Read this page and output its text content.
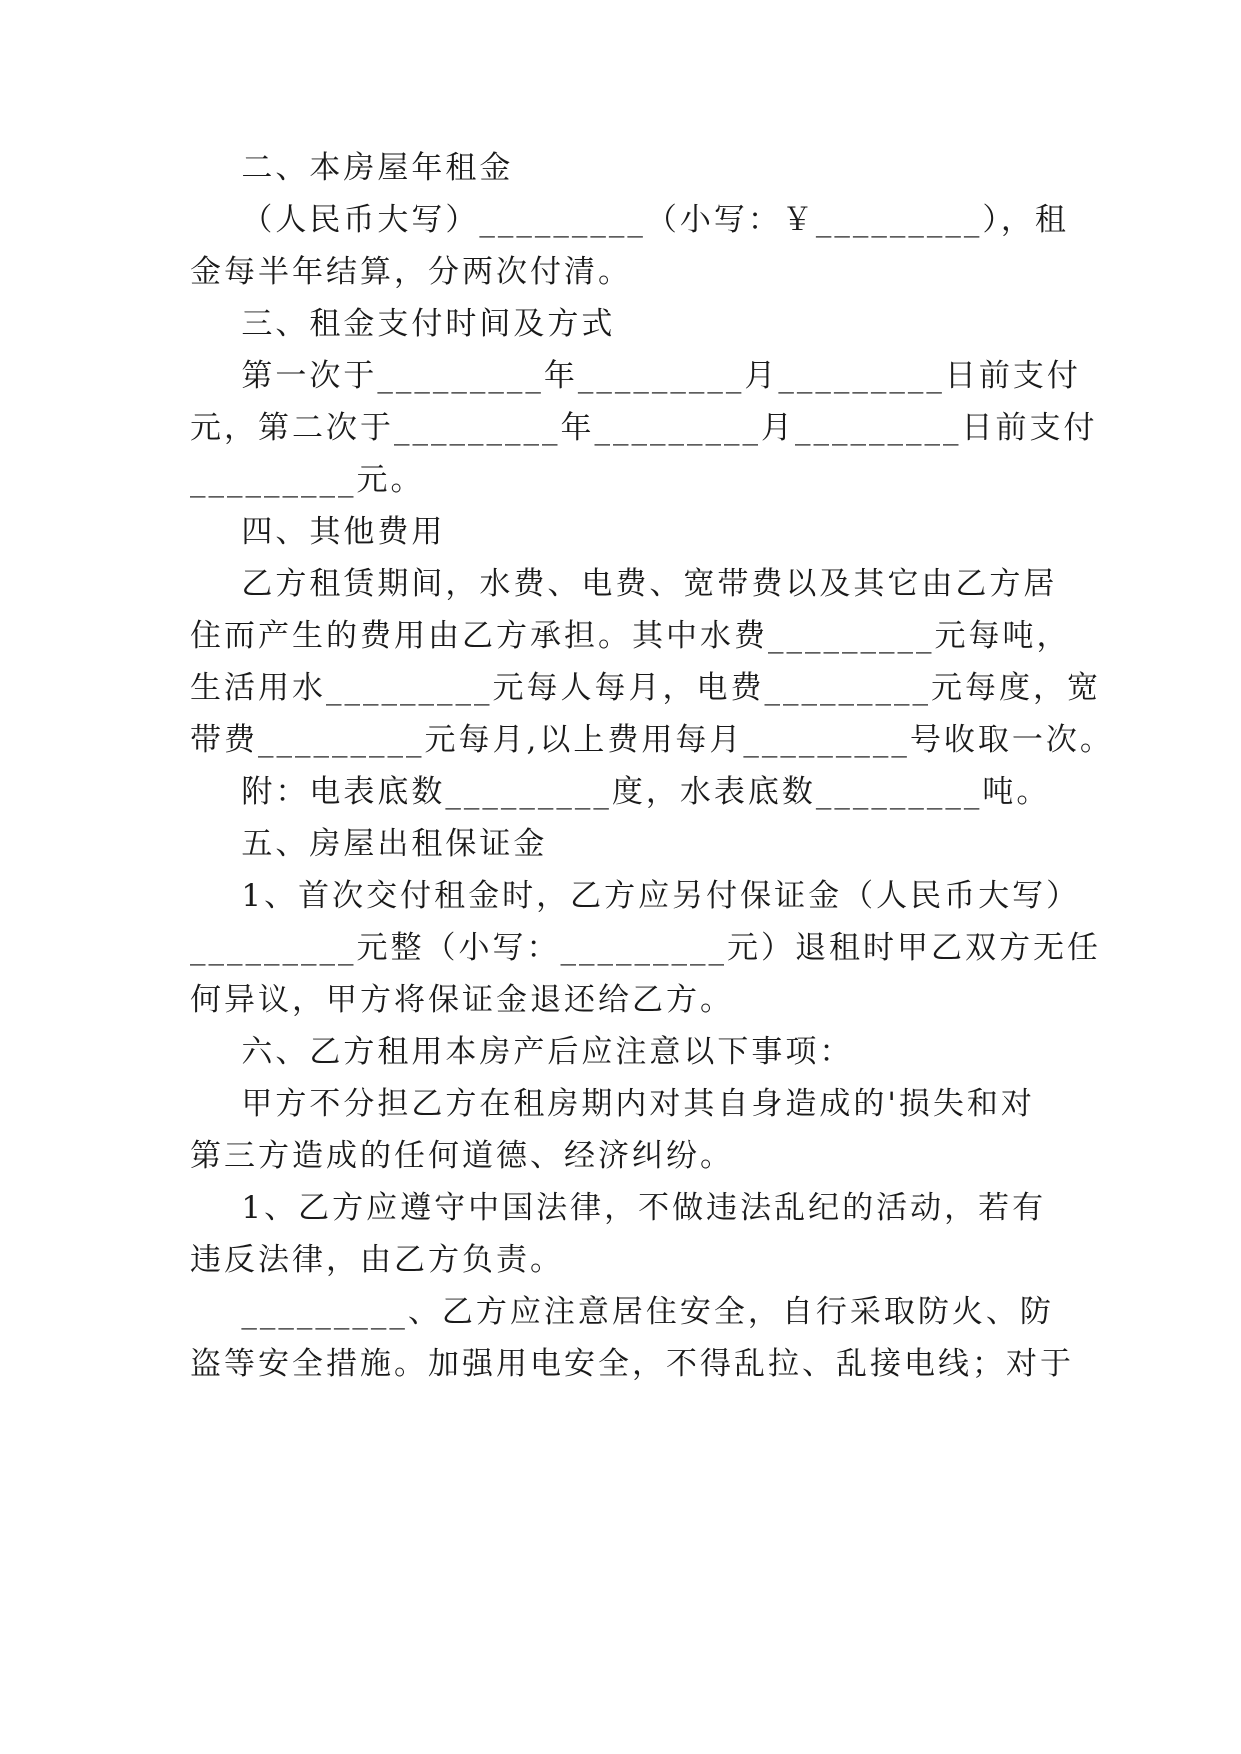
二、本房屋年租金
（人民币大写）_________（小写：￥_________），租
金每半年结算，分两次付清。
三、租金支付时间及方式
第一次于_________年_________月_________日前支付
元，第二次于_________年_________月_________日前支付
_________元。
四、其他费用
乙方租赁期间，水费、电费、宽带费以及其它由乙方居
住而产生的费用由乙方承担。其中水费_________元每吨，
生活用水_________元每人每月，电费_________元每度，宽
带费_________元每月,以上费用每月_________号收取一次。
附：电表底数_________度，水表底数_________吨。
五、房屋出租保证金
1、首次交付租金时，乙方应另付保证金（人民币大写）
_________元整（小写：_________元）退租时甲乙双方无任
何异议，甲方将保证金退还给乙方。
六、乙方租用本房产后应注意以下事项：
甲方不分担乙方在租房期内对其自身造成的'损失和对
第三方造成的任何道德、经济纠纷。
1、乙方应遵守中国法律，不做违法乱纪的活动，若有
违反法律，由乙方负责。
_________、乙方应注意居住安全，自行采取防火、防
盗等安全措施。加强用电安全，不得乱拉、乱接电线；对于
